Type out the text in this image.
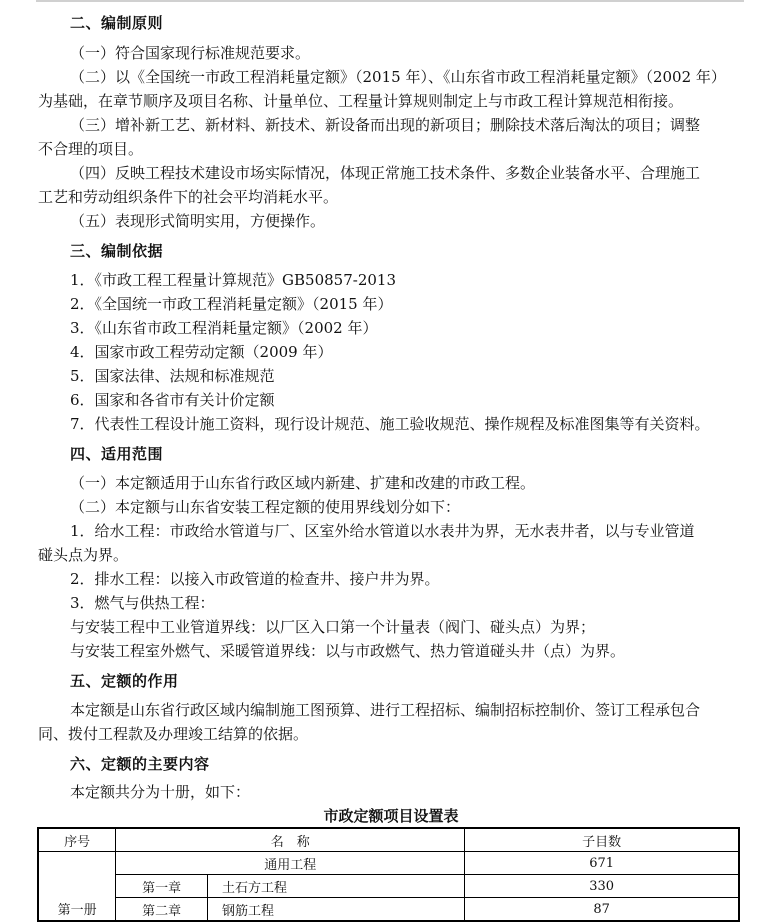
二、编制原则
（一）符合国家现行标准规范要求。
（二）以《全国统一市政工程消耗量定额》（2015 年）、《山东省市政工程消耗量定额》（2002 年）
为基础，在章节顺序及项目名称、计量单位、工程量计算规则制定上与市政工程计算规范相衔接。
（三）增补新工艺、新材料、新技术、新设备而出现的新项目；删除技术落后淘汰的项目；调整
不合理的项目。
（四）反映工程技术建设市场实际情况，体现正常施工技术条件、多数企业装备水平、合理施工
工艺和劳动组织条件下的社会平均消耗水平。
（五）表现形式简明实用，方便操作。
三、编制依据
1．《市政工程工程量计算规范》GB50857-2013
2．《全国统一市政工程消耗量定额》（2015 年）
3．《山东省市政工程消耗量定额》（2002 年）
4．国家市政工程劳动定额（2009 年）
5．国家法律、法规和标准规范
6．国家和各省市有关计价定额
7．代表性工程设计施工资料，现行设计规范、施工验收规范、操作规程及标准图集等有关资料。
四、适用范围
（一）本定额适用于山东省行政区域内新建、扩建和改建的市政工程。
（二）本定额与山东省安装工程定额的使用界线划分如下：
1．给水工程：市政给水管道与厂、区室外给水管道以水表井为界，无水表井者，以与专业管道
碰头点为界。
2．排水工程：以接入市政管道的检查井、接户井为界。
3．燃气与供热工程：
与安装工程中工业管道界线：以厂区入口第一个计量表（阀门、碰头点）为界；
与安装工程室外燃气、采暖管道界线：以与市政燃气、热力管道碰头井（点）为界。
五、定额的作用
本定额是山东省行政区域内编制施工图预算、进行工程招标、编制招标控制价、签订工程承包合
同、拨付工程款及办理竣工结算的依据。
六、定额的主要内容
本定额共分为十册，如下：
市政定额项目设置表
序号	名　称		子目数
第一册	通用工程		671
	第一章	土石方工程	330
	第二章	钢筋工程	87
